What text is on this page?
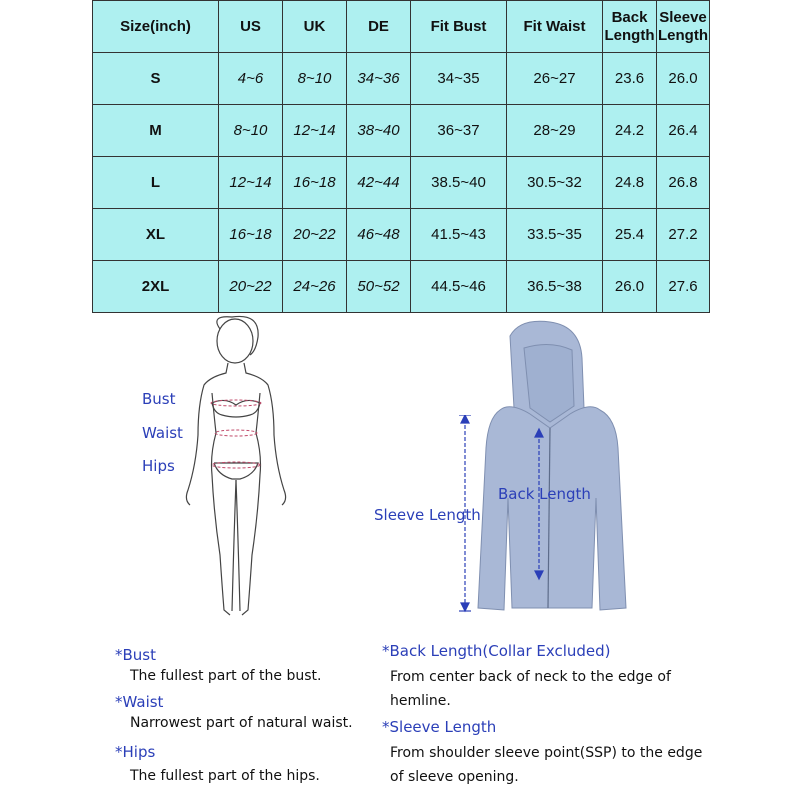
Size(inch)	US	UK	DE	Fit Bust	Fit Waist	Back Length	Sleeve Length
S	4~6	8~10	34~36	34~35	26~27	23.6	26.0
M	8~10	12~14	38~40	36~37	28~29	24.2	26.4
L	12~14	16~18	42~44	38.5~40	30.5~32	24.8	26.8
XL	16~18	20~22	46~48	41.5~43	33.5~35	25.4	27.2
2XL	20~22	24~26	50~52	44.5~46	36.5~38	26.0	27.6
Bust
Waist
Hips
Back Length
Sleeve Length
*Bust
The fullest part of the bust.
*Waist
Narrowest part of natural waist.
*Hips
The fullest part of the hips.
*Back Length(Collar Excluded)
From center back of neck to the edge of hemline.
*Sleeve Length
From shoulder sleeve point(SSP) to the edge of sleeve opening.
